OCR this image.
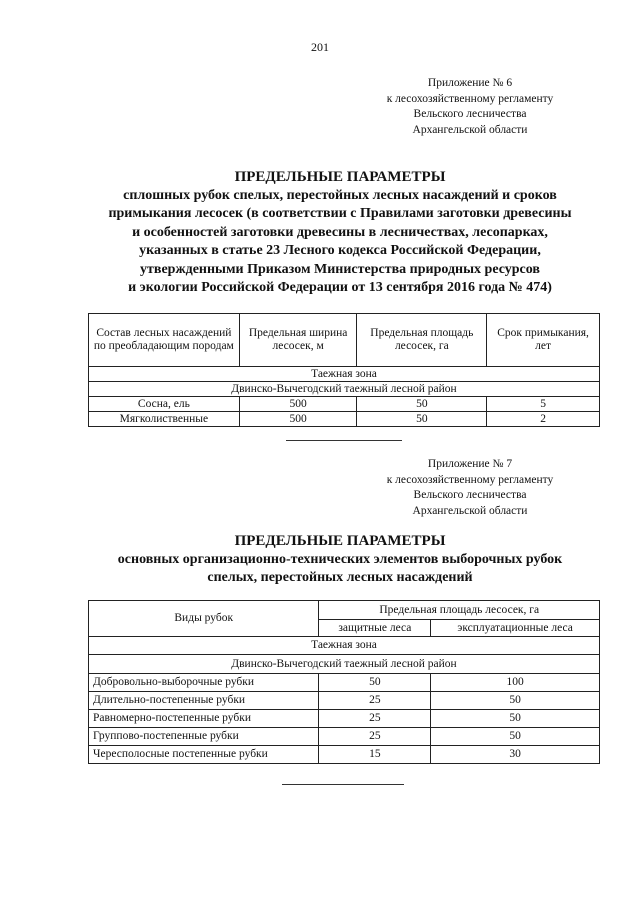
201
Приложение № 6
к лесохозяйственному регламенту
Вельского лесничества
Архангельской области
ПРЕДЕЛЬНЫЕ ПАРАМЕТРЫ
сплошных рубок спелых, перестойных лесных насаждений и сроков
примыкания лесосек (в соответствии с Правилами заготовки древесины
и особенностей заготовки древесины в лесничествах, лесопарках,
указанных в статье 23 Лесного кодекса Российской Федерации,
утвержденными Приказом Министерства природных ресурсов
и экологии Российской Федерации от 13 сентября 2016 года № 474)
Состав лесных насаждений по преобладающим породам	Предельная ширина лесосек, м	Предельная площадь лесосек, га	Срок примыкания, лет
Таежная зона			
Двинско-Вычегодский таежный лесной район			
Сосна, ель	500	50	5
Мягколиственные	500	50	2
Приложение № 7
к лесохозяйственному регламенту
Вельского лесничества
Архангельской области
ПРЕДЕЛЬНЫЕ ПАРАМЕТРЫ
основных организационно-технических элементов выборочных рубок
спелых, перестойных лесных насаждений
Виды рубок	Предельная площадь лесосек, га	
	защитные леса	эксплуатационные леса
Таежная зона		
Двинско-Вычегодский таежный лесной район		
Добровольно-выборочные рубки	50	100
Длительно-постепенные рубки	25	50
Равномерно-постепенные рубки	25	50
Группово-постепенные рубки	25	50
Чересполосные постепенные рубки	15	30
